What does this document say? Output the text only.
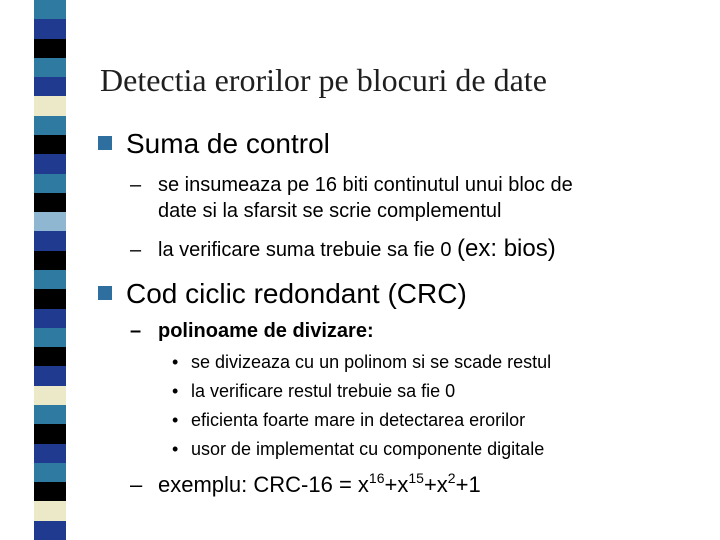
Detectia erorilor pe blocuri de date
Suma de control
– se insumeaza pe 16 biti continutul unui bloc de
date si la sfarsit se scrie complementul
– la verificare suma trebuie sa fie 0 (ex: bios)
Cod ciclic redondant (CRC)
– polinoame de divizare:
• se divizeaza cu un polinom si se scade restul
• la verificare restul trebuie sa fie 0
• eficienta foarte mare in detectarea erorilor
• usor de implementat cu componente digitale
– exemplu: $CRC-16 = x^{16}+x^{15}+x^2+1$
